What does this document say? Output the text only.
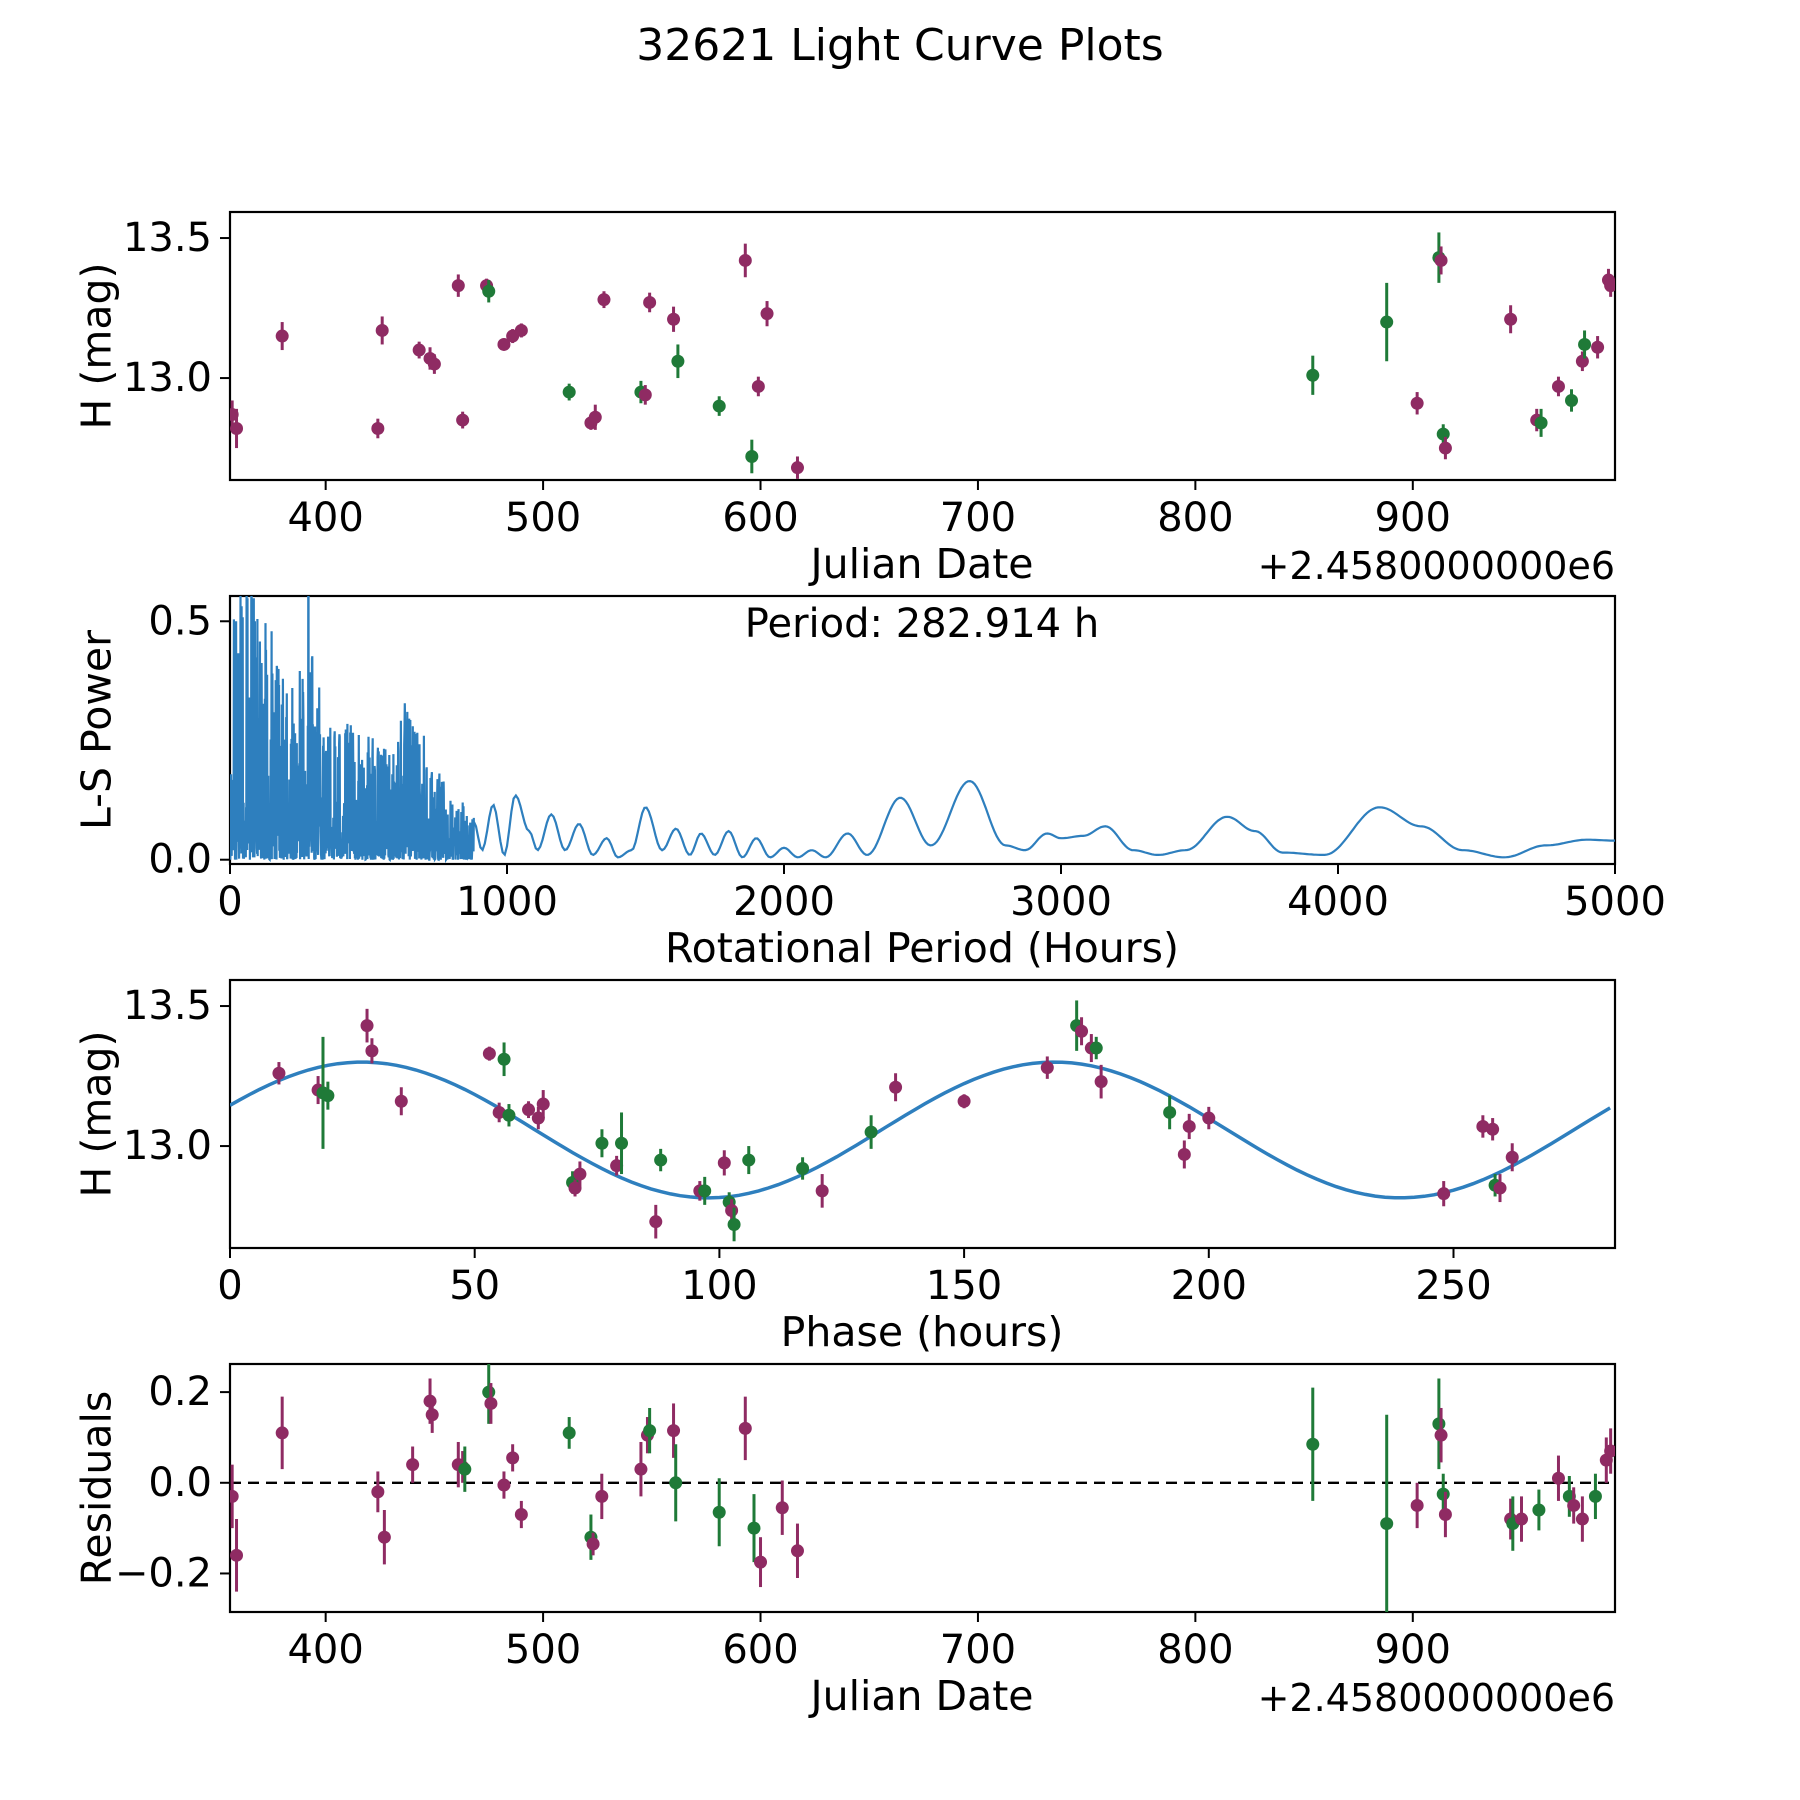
400	500	600	700	800	900
13.0
13.5
0	1000	2000	3000	4000	5000
0.0
0.5
0	50	100	150	200	250
13.0
13.5
400	500	600	700	800	900
−0.2
0.0
0.2
32621 Light Curve Plots
H (mag)
Julian Date	+2.4580000000e6
L-S Power
Period: 282.914 h
Rotational Period (Hours)
H (mag)
Phase (hours)
Residuals
Julian Date	+2.4580000000e6
